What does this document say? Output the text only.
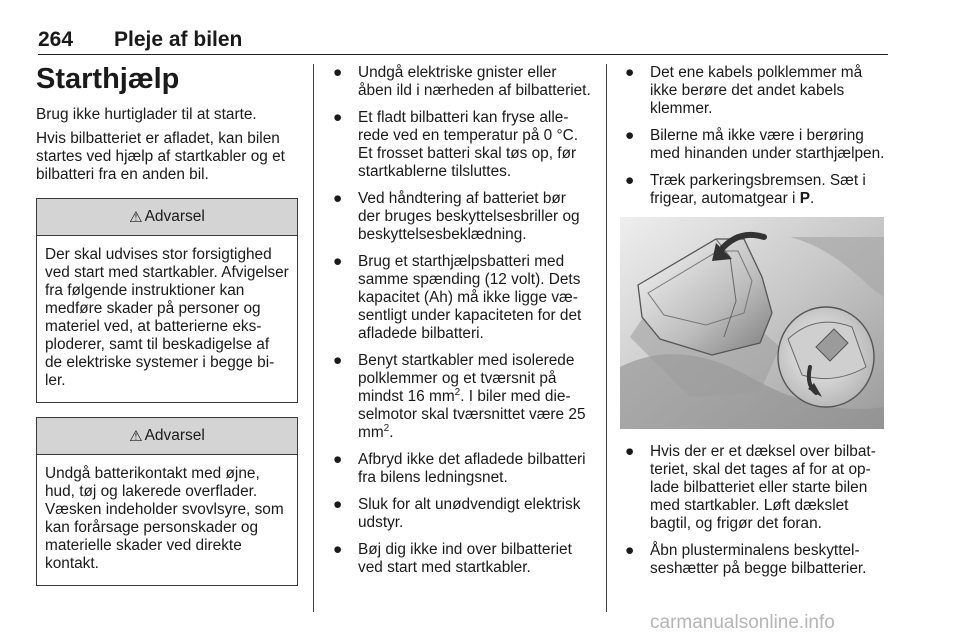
264 Pleje af bilen
Starthjælp

Brug ikke hurtiglader til at starte.

Hvis bilbatteriet er afladet, kan bilen startes ved hjælp af startkabler og et bilbatteri fra en anden bil.

⚠ Advarsel
Der skal udvises stor forsigtighed ved start med startkabler. Afvigelser fra følgende instruktioner kan medføre skader på personer og materiel ved, at batterierne eksploderer, samt til beskadigelse af de elektriske systemer i begge biler.
⚠ Advarsel
Undgå batterikontakt med øjne, hud, tøj og lakerede overflader. Væsken indeholder svovlsyre, som kan forårsage personskader og materielle skader ved direkte kontakt.
● Undgå elektriske gnister eller åben ild i nærheden af bilbatteriet.
● Et fladt bilbatteri kan fryse allerede ved en temperatur på 0 °C. Et frosset batteri skal tøs op, før startkablerne tilsluttes.
● Ved håndtering af batteriet bør der bruges beskyttelsesbriller og beskyttelsesbeklædning.
● Brug et starthjælpsbatteri med samme spænding (12 volt). Dets kapacitet (Ah) må ikke ligge væsentligt under kapaciteten for det afladede bilbatteri.
● Benyt startkabler med isolerede polklemmer og et tværsnit på mindst 16 $mm^2$. I biler med dieselmotor skal tværsnittet være 25 $mm^2$.
● Afbryd ikke det afladede bilbatteri fra bilens ledningsnet.
● Sluk for alt unødvendigt elektrisk udstyr.
● Bøj dig ikke ind over bilbatteriet ved start med startkabler.
● Det ene kabels polklemmer må ikke berøre det andet kabels klemmer.
● Bilerne må ikke være i berøring med hinanden under starthjælpen.
● Træk parkeringsbremsen. Sæt i frigear, automatgear i P.
● Hvis der er et dæksel over bilbatteriet, skal det tages af for at oplade bilbatteriet eller starte bilen med startkabler. Løft dækslet bagtil, og frigør det foran.
● Åbn plusterminalens beskyttelseshætter på begge bilbatterier.
carmanualsonline.info
